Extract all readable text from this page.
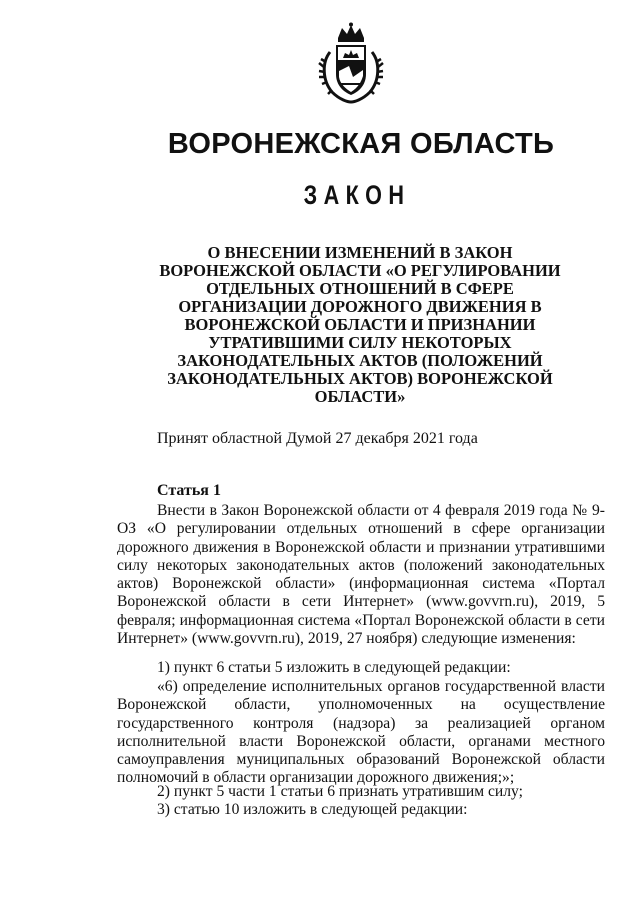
ВОРОНЕЖСКАЯ ОБЛАСТЬ
ЗАКОН
О ВНЕСЕНИИ ИЗМЕНЕНИЙ В ЗАКОН ВОРОНЕЖСКОЙ ОБЛАСТИ «О РЕГУЛИРОВАНИИ ОТДЕЛЬНЫХ ОТНОШЕНИЙ В СФЕРЕ ОРГАНИЗАЦИИ ДОРОЖНОГО ДВИЖЕНИЯ В ВОРОНЕЖСКОЙ ОБЛАСТИ И ПРИЗНАНИИ УТРАТИВШИМИ СИЛУ НЕКОТОРЫХ ЗАКОНОДАТЕЛЬНЫХ АКТОВ (ПОЛОЖЕНИЙ ЗАКОНОДАТЕЛЬНЫХ АКТОВ) ВОРОНЕЖСКОЙ ОБЛАСТИ»

Принят областной Думой 27 декабря 2021 года

Статья 1

Внести в Закон Воронежской области от 4 февраля 2019 года № 9-ОЗ «О регулировании отдельных отношений в сфере организации дорожного движения в Воронежской области и признании утратившими силу некоторых законодательных актов (положений законодательных актов) Воронежской области» (информационная система «Портал Воронежской области в сети Интернет» (www.govvrn.ru), 2019, 5 февраля; информационная система «Портал Воронежской области в сети Интернет» (www.govvrn.ru), 2019, 27 ноября) следующие изменения:

1) пункт 6 статьи 5 изложить в следующей редакции:

«6) определение исполнительных органов государственной власти Воронежской области, уполномоченных на осуществление государственного контроля (надзора) за реализацией органом исполнительной власти Воронежской области, органами местного самоуправления муниципальных образований Воронежской области полномочий в области организации дорожного движения;»;

2) пункт 5 части 1 статьи 6 признать утратившим силу;

3) статью 10 изложить в следующей редакции:
